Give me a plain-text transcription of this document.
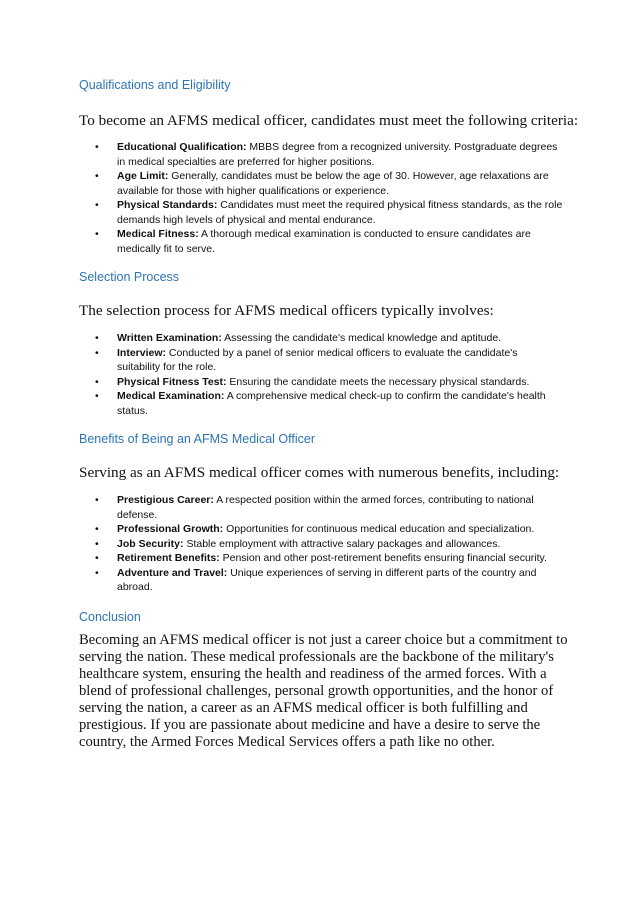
Qualifications and Eligibility
To become an AFMS medical officer, candidates must meet the following criteria:
• Educational Qualification: MBBS degree from a recognized university. Postgraduate degrees in medical specialties are preferred for higher positions.
• Age Limit: Generally, candidates must be below the age of 30. However, age relaxations are available for those with higher qualifications or experience.
• Physical Standards: Candidates must meet the required physical fitness standards, as the role demands high levels of physical and mental endurance.
• Medical Fitness: A thorough medical examination is conducted to ensure candidates are medically fit to serve.
Selection Process
The selection process for AFMS medical officers typically involves:
• Written Examination: Assessing the candidate's medical knowledge and aptitude.
• Interview: Conducted by a panel of senior medical officers to evaluate the candidate's suitability for the role.
• Physical Fitness Test: Ensuring the candidate meets the necessary physical standards.
• Medical Examination: A comprehensive medical check-up to confirm the candidate's health status.
Benefits of Being an AFMS Medical Officer
Serving as an AFMS medical officer comes with numerous benefits, including:
• Prestigious Career: A respected position within the armed forces, contributing to national defense.
• Professional Growth: Opportunities for continuous medical education and specialization.
• Job Security: Stable employment with attractive salary packages and allowances.
• Retirement Benefits: Pension and other post-retirement benefits ensuring financial security.
• Adventure and Travel: Unique experiences of serving in different parts of the country and abroad.
Conclusion
Becoming an AFMS medical officer is not just a career choice but a commitment to serving the nation. These medical professionals are the backbone of the military's healthcare system, ensuring the health and readiness of the armed forces. With a blend of professional challenges, personal growth opportunities, and the honor of serving the nation, a career as an AFMS medical officer is both fulfilling and prestigious. If you are passionate about medicine and have a desire to serve the country, the Armed Forces Medical Services offers a path like no other.
